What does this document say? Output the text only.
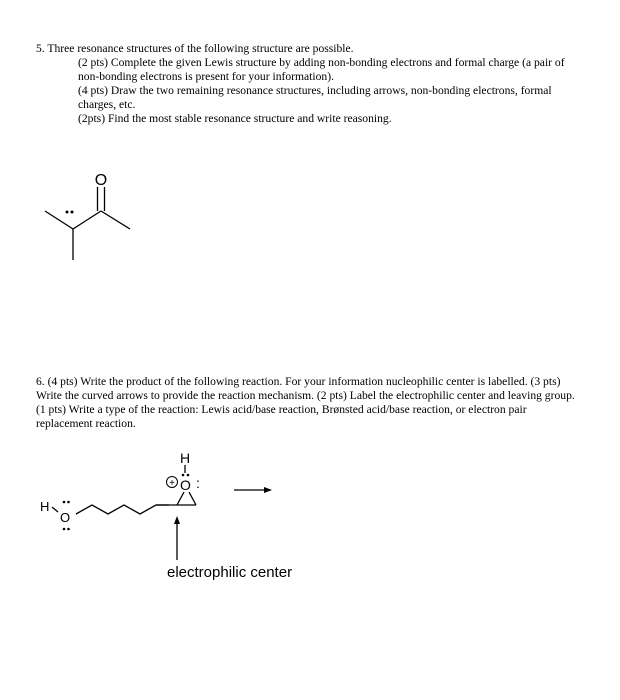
5. Three resonance structures of the following structure are possible.

(2 pts) Complete the given Lewis structure by adding non-bonding electrons and formal charge (a pair of non-bonding electrons is present for your information).

(4 pts) Draw the two remaining resonance structures, including arrows, non-bonding electrons, formal charges, etc.

(2pts) Find the most stable resonance structure and write reasoning.

O

6. (4 pts) Write the product of the following reaction. For your information nucleophilic center is labelled. (3 pts) Write the curved arrows to provide the reaction mechanism. (2 pts) Label the electrophilic center and leaving group. (1 pts) Write a type of the reaction: Lewis acid/base reaction, Brønsted acid/base reaction, or electron pair replacement reaction.

H
O
O :
H
+
electrophilic center
